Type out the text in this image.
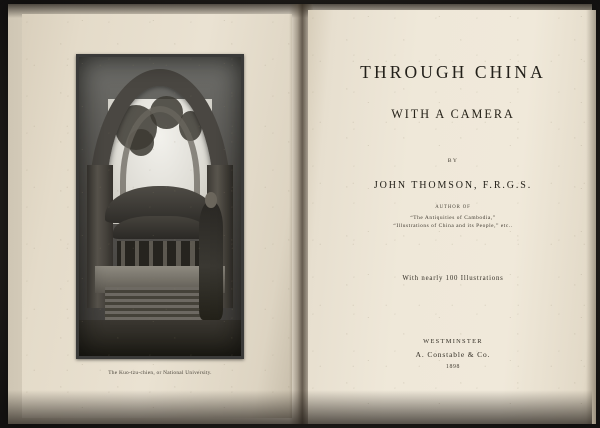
The Kuo-tzu-chien, or National University.
THROUGH CHINA
WITH A CAMERA
BY
JOHN THOMSON, F.R.G.S.
AUTHOR OF
“The Antiquities of Cambodia,”
“Illustrations of China and its People,” etc..
With nearly 100 Illustrations
WESTMINSTER
A. Constable & Co.
1898
